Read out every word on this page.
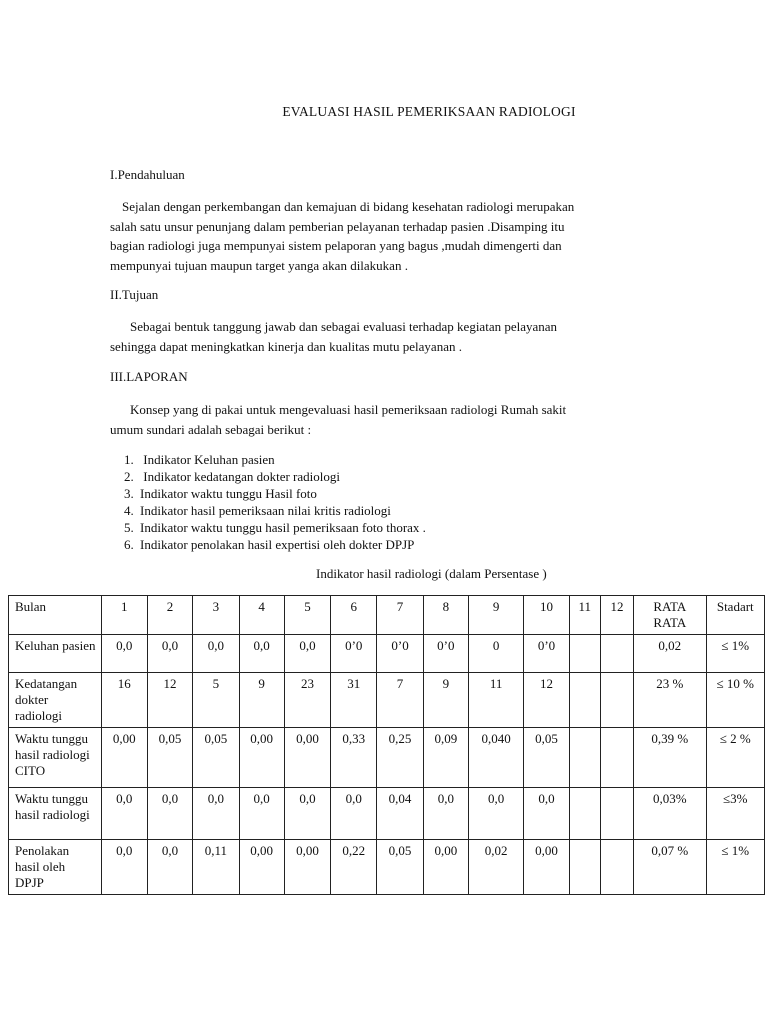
EVALUASI HASIL PEMERIKSAAN RADIOLOGI
I.Pendahuluan
Sejalan dengan perkembangan dan kemajuan di bidang kesehatan radiologi merupakan
salah satu unsur penunjang dalam pemberian pelayanan terhadap pasien .Disamping itu
bagian radiologi juga mempunyai sistem pelaporan yang bagus ,mudah dimengerti dan
mempunyai tujuan maupun target yanga akan dilakukan .
II.Tujuan
Sebagai bentuk tanggung jawab dan sebagai evaluasi terhadap kegiatan pelayanan
sehingga dapat meningkatkan kinerja dan kualitas mutu pelayanan .
III.LAPORAN
Konsep yang di pakai untuk mengevaluasi hasil pemeriksaan radiologi Rumah sakit
umum sundari adalah sebagai berikut :
1. Indikator Keluhan pasien
2. Indikator kedatangan dokter radiologi
3. Indikator waktu tunggu Hasil foto
4. Indikator hasil pemeriksaan nilai kritis radiologi
5. Indikator waktu tunggu hasil pemeriksaan foto thorax .
6. Indikator penolakan hasil expertisi oleh dokter DPJP
Indikator hasil radiologi (dalam Persentase )
Bulan	1	2	3	4	5	6	7	8	9	10	11	12	RATA RATA	Stadart
Keluhan pasien	0,0	0,0	0,0	0,0	0,0	0’0	0’0	0’0	0	0’0			0,02	≤ 1%
Kedatangan dokter radiologi	16	12	5	9	23	31	7	9	11	12			23 %	≤ 10 %
Waktu tunggu hasil radiologi CITO	0,00	0,05	0,05	0,00	0,00	0,33	0,25	0,09	0,040	0,05			0,39 %	≤ 2 %
Waktu tunggu hasil radiologi	0,0	0,0	0,0	0,0	0,0	0,0	0,04	0,0	0,0	0,0			0,03%	≤3%
Penolakan hasil oleh DPJP	0,0	0,0	0,11	0,00	0,00	0,22	0,05	0,00	0,02	0,00			0,07 %	≤ 1%
